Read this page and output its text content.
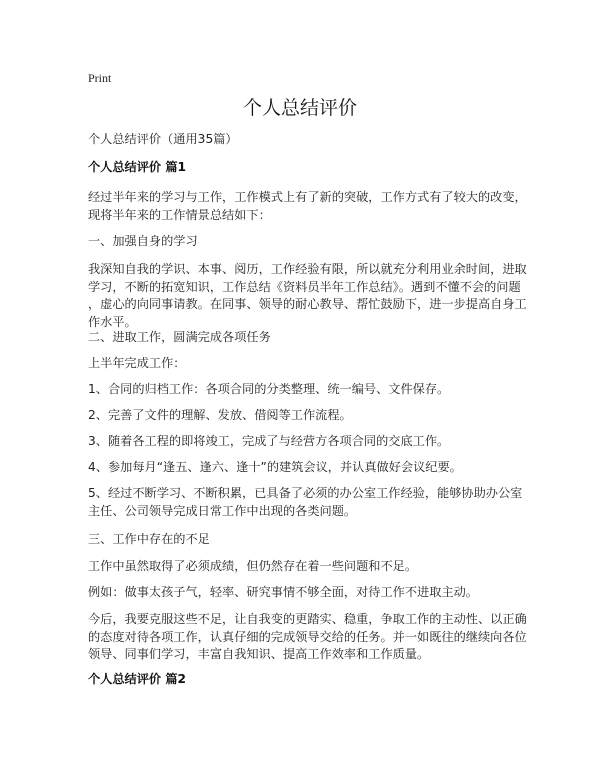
Print
个人总结评价
个人总结评价（通用35篇）
个人总结评价 篇1
经过半年来的学习与工作，工作模式上有了新的突破，工作方式有了较大的改变，
现将半年来的工作情景总结如下：
一、加强自身的学习
我深知自我的学识、本事、阅历，工作经验有限，所以就充分利用业余时间，进取
学习，不断的拓宽知识，工作总结《资料员半年工作总结》。遇到不懂不会的问题
，虚心的向同事请教。在同事、领导的耐心教导、帮忙鼓励下，进一步提高自身工
作水平。
二、进取工作，圆满完成各项任务
上半年完成工作：
1、合同的归档工作：各项合同的分类整理、统一编号、文件保存。
2、完善了文件的理解、发放、借阅等工作流程。
3、随着各工程的即将竣工，完成了与经营方各项合同的交底工作。
4、参加每月“逢五、逢六、逢十”的建筑会议，并认真做好会议纪要。
5、经过不断学习、不断积累，已具备了必须的办公室工作经验，能够协助办公室
主任、公司领导完成日常工作中出现的各类问题。
三、工作中存在的不足
工作中虽然取得了必须成绩，但仍然存在着一些问题和不足。
例如：做事太孩子气，轻率、研究事情不够全面，对待工作不进取主动。
今后，我要克服这些不足，让自我变的更踏实、稳重，争取工作的主动性、以正确
的态度对待各项工作，认真仔细的完成领导交给的任务。并一如既往的继续向各位
领导、同事们学习，丰富自我知识、提高工作效率和工作质量。
个人总结评价 篇2
